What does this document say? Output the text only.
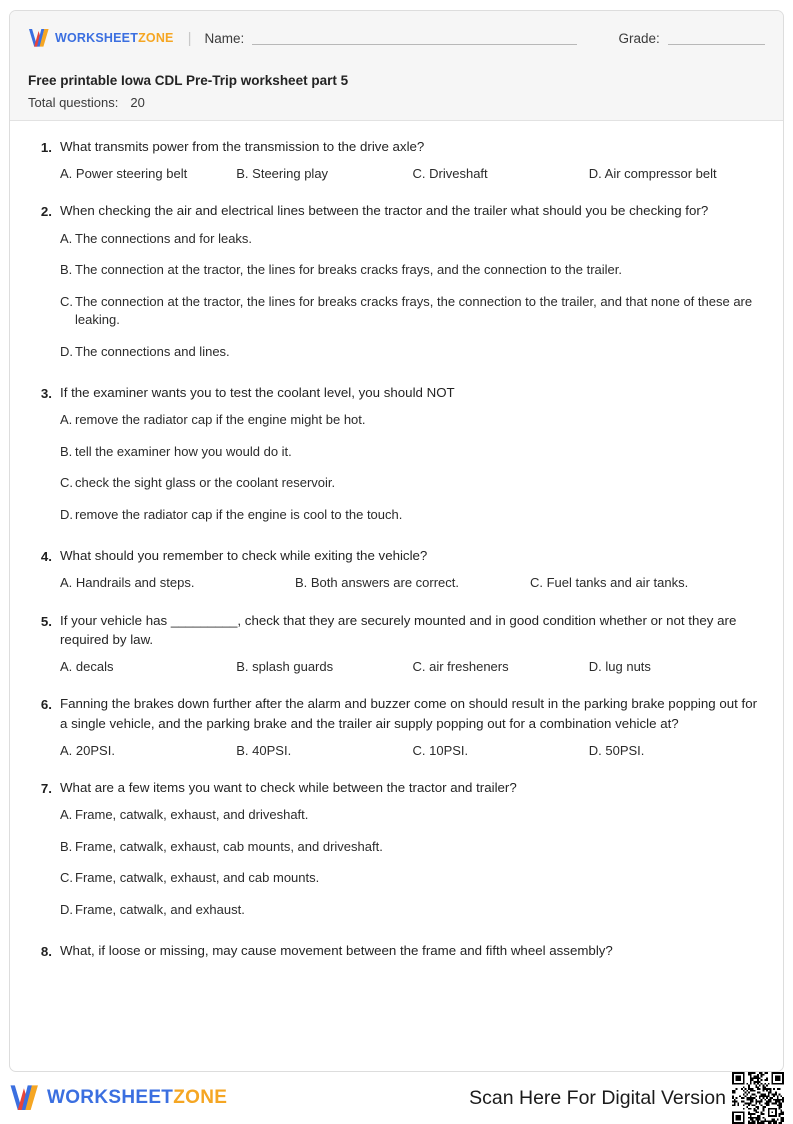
WORKSHEETZONE | Name:	Grade:
Free printable Iowa CDL Pre-Trip worksheet part 5
Total questions: 20
1. What transmits power from the transmission to the drive axle?
A. Power steering belt	B. Steering play	C. Driveshaft	D. Air compressor belt
2. When checking the air and electrical lines between the tractor and the trailer what should you be checking for?
A. The connections and for leaks.
B. The connection at the tractor, the lines for breaks cracks frays, and the connection to the trailer.
C. The connection at the tractor, the lines for breaks cracks frays, the connection to the trailer, and that none of these are leaking.
D. The connections and lines.
3. If the examiner wants you to test the coolant level, you should NOT
A. remove the radiator cap if the engine might be hot.
B. tell the examiner how you would do it.
C. check the sight glass or the coolant reservoir.
D. remove the radiator cap if the engine is cool to the touch.
4. What should you remember to check while exiting the vehicle?
A. Handrails and steps.	B. Both answers are correct.	C. Fuel tanks and air tanks.
5. If your vehicle has _________, check that they are securely mounted and in good condition whether or not they are required by law.
A. decals	B. splash guards	C. air fresheners	D. lug nuts
6. Fanning the brakes down further after the alarm and buzzer come on should result in the parking brake popping out for a single vehicle, and the parking brake and the trailer air supply popping out for a combination vehicle at?
A. 20PSI.	B. 40PSI.	C. 10PSI.	D. 50PSI.
7. What are a few items you want to check while between the tractor and trailer?
A. Frame, catwalk, exhaust, and driveshaft.
B. Frame, catwalk, exhaust, cab mounts, and driveshaft.
C. Frame, catwalk, exhaust, and cab mounts.
D. Frame, catwalk, and exhaust.
8. What, if loose or missing, may cause movement between the frame and fifth wheel assembly?
WORKSHEETZONE	Scan Here For Digital Version
